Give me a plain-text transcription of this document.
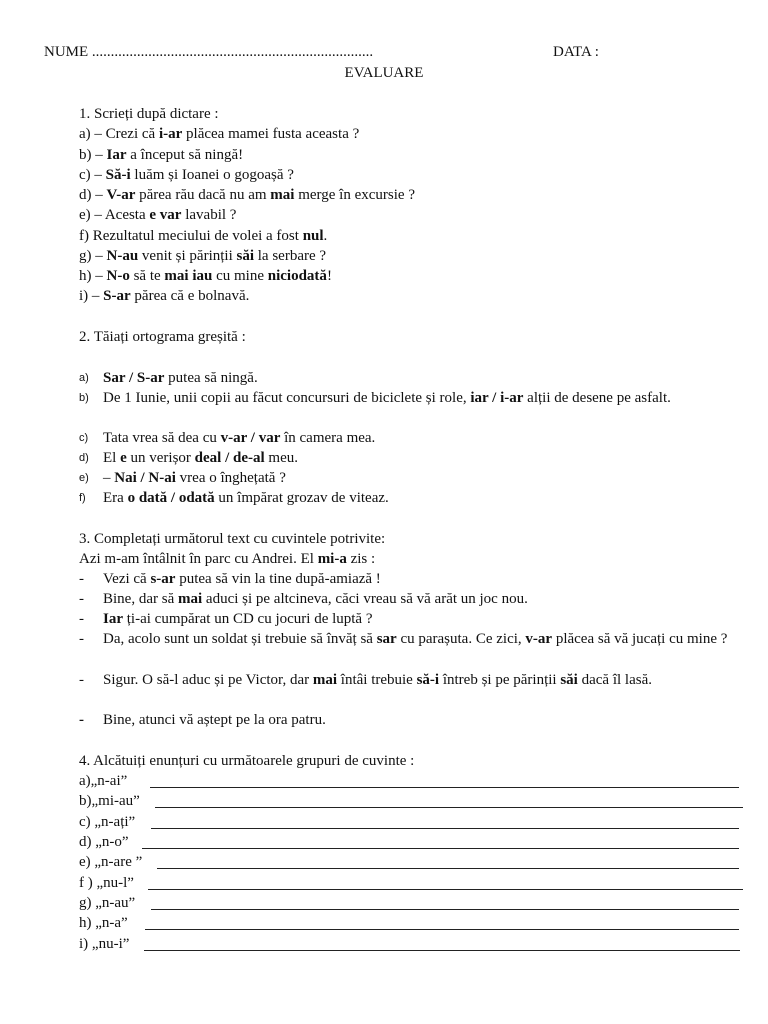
NUME ...........................................................................	DATA :
EVALUARE
1. Scrieți după dictare :
a) – Crezi că i-ar plăcea mamei fusta aceasta ?
b) – Iar a început să ningă!
c) – Să-i luăm și Ioanei o gogoașă ?
d) – V-ar părea rău dacă nu am mai merge în excursie ?
e) – Acesta e var lavabil ?
f) Rezultatul meciului de volei a fost nul.
g) – N-au venit și părinții săi la serbare ?
h) – N-o să te mai iau cu mine niciodată!
i) – S-ar părea că e bolnavă.
2. Tăiați ortograma greșită :
a) Sar / S-ar putea să ningă.
b) De 1 Iunie, unii copii au făcut concursuri de biciclete și role, iar / i-ar alții de desene pe asfalt.
c) Tata vrea să dea cu v-ar / var în camera mea.
d) El e un verișor deal / de-al meu.
e) – Nai / N-ai vrea o înghețată ?
f)	Era o dată / odată un împărat grozav de viteaz.
3. Completați următorul text cu cuvintele potrivite:
Azi m-am întâlnit în parc cu Andrei. El mi-a zis :
- Vezi că s-ar putea să vin la tine după-amiază !
- Bine, dar să mai aduci și pe altcineva, căci vreau să vă arăt un joc nou.
- Iar ți-ai cumpărat un CD cu jocuri de luptă ?
- Da, acolo sunt un soldat și trebuie să învăț să sar cu parașuta. Ce zici, v-ar plăcea să vă jucați cu mine ?
- Sigur. O să-l aduc și pe Victor, dar mai întâi trebuie să-i întreb și pe părinții săi dacă îl lasă.
- Bine, atunci vă aștept pe la ora patru.
4. Alcătuiți enunțuri cu următoarele grupuri de cuvinte :
a)„n-ai”
b)„mi-au”
c) „n-ați”
d) „n-o”
e) „n-are ”
f ) „nu-l”
g) „n-au”
h) „n-a”
i) „nu-i”
